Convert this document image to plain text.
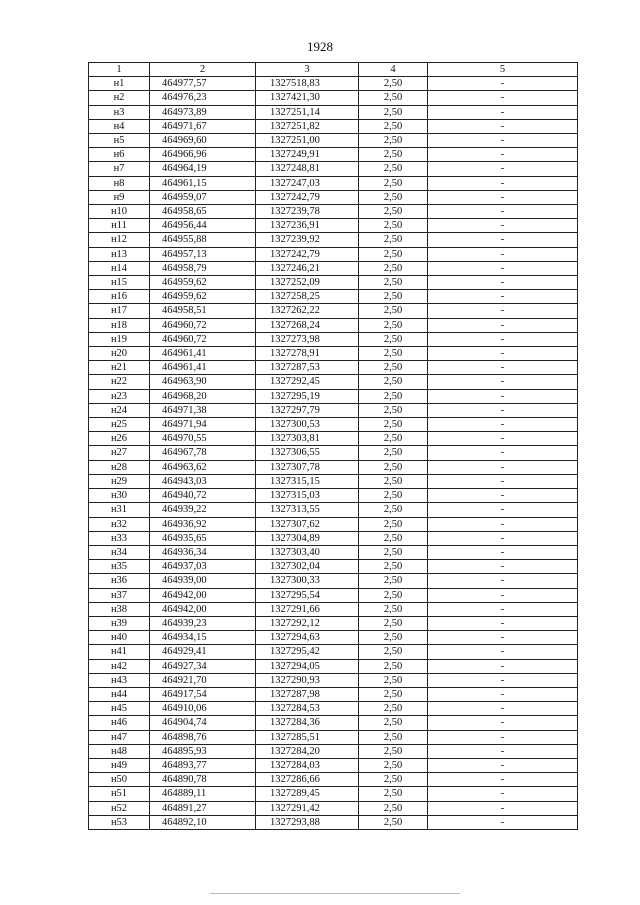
1928
1	2	3	4	5
н1	464977,57	1327518,83	2,50	-
н2	464976,23	1327421,30	2,50	-
н3	464973,89	1327251,14	2,50	-
н4	464971,67	1327251,82	2,50	-
н5	464969,60	1327251,00	2,50	-
н6	464966,96	1327249,91	2,50	-
н7	464964,19	1327248,81	2,50	-
н8	464961,15	1327247,03	2,50	-
н9	464959,07	1327242,79	2,50	-
н10	464958,65	1327239,78	2,50	-
н11	464956,44	1327236,91	2,50	-
н12	464955,88	1327239,92	2,50	-
н13	464957,13	1327242,79	2,50	-
н14	464958,79	1327246,21	2,50	-
н15	464959,62	1327252,09	2,50	-
н16	464959,62	1327258,25	2,50	-
н17	464958,51	1327262,22	2,50	-
н18	464960,72	1327268,24	2,50	-
н19	464960,72	1327273,98	2,50	-
н20	464961,41	1327278,91	2,50	-
н21	464961,41	1327287,53	2,50	-
н22	464963,90	1327292,45	2,50	-
н23	464968,20	1327295,19	2,50	-
н24	464971,38	1327297,79	2,50	-
н25	464971,94	1327300,53	2,50	-
н26	464970,55	1327303,81	2,50	-
н27	464967,78	1327306,55	2,50	-
н28	464963,62	1327307,78	2,50	-
н29	464943,03	1327315,15	2,50	-
н30	464940,72	1327315,03	2,50	-
н31	464939,22	1327313,55	2,50	-
н32	464936,92	1327307,62	2,50	-
н33	464935,65	1327304,89	2,50	-
н34	464936,34	1327303,40	2,50	-
н35	464937,03	1327302,04	2,50	-
н36	464939,00	1327300,33	2,50	-
н37	464942,00	1327295,54	2,50	-
н38	464942,00	1327291,66	2,50	-
н39	464939,23	1327292,12	2,50	-
н40	464934,15	1327294,63	2,50	-
н41	464929,41	1327295,42	2,50	-
н42	464927,34	1327294,05	2,50	-
н43	464921,70	1327290,93	2,50	-
н44	464917,54	1327287,98	2,50	-
н45	464910,06	1327284,53	2,50	-
н46	464904,74	1327284,36	2,50	-
н47	464898,76	1327285,51	2,50	-
н48	464895,93	1327284,20	2,50	-
н49	464893,77	1327284,03	2,50	-
н50	464890,78	1327286,66	2,50	-
н51	464889,11	1327289,45	2,50	-
н52	464891,27	1327291,42	2,50	-
н53	464892,10	1327293,88	2,50	-
